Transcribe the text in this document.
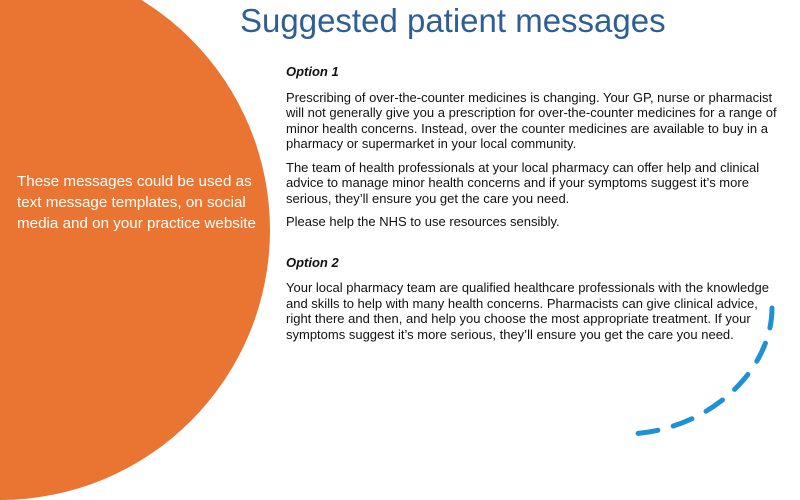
These messages could be used as text message templates, on social media and on your practice website
Suggested patient messages

Option 1

Prescribing of over-the-counter medicines is changing. Your GP, nurse or pharmacist will not generally give you a prescription for over-the-counter medicines for a range of minor health concerns. Instead, over the counter medicines are available to buy in a pharmacy or supermarket in your local community.

The team of health professionals at your local pharmacy can offer help and clinical advice to manage minor health concerns and if your symptoms suggest it’s more serious, they’ll ensure you get the care you need.

Please help the NHS to use resources sensibly.

Option 2

Your local pharmacy team are qualified healthcare professionals with the knowledge and skills to help with many health concerns. Pharmacists can give clinical advice, right there and then, and help you choose the most appropriate treatment. If your symptoms suggest it’s more serious, they’ll ensure you get the care you need.
